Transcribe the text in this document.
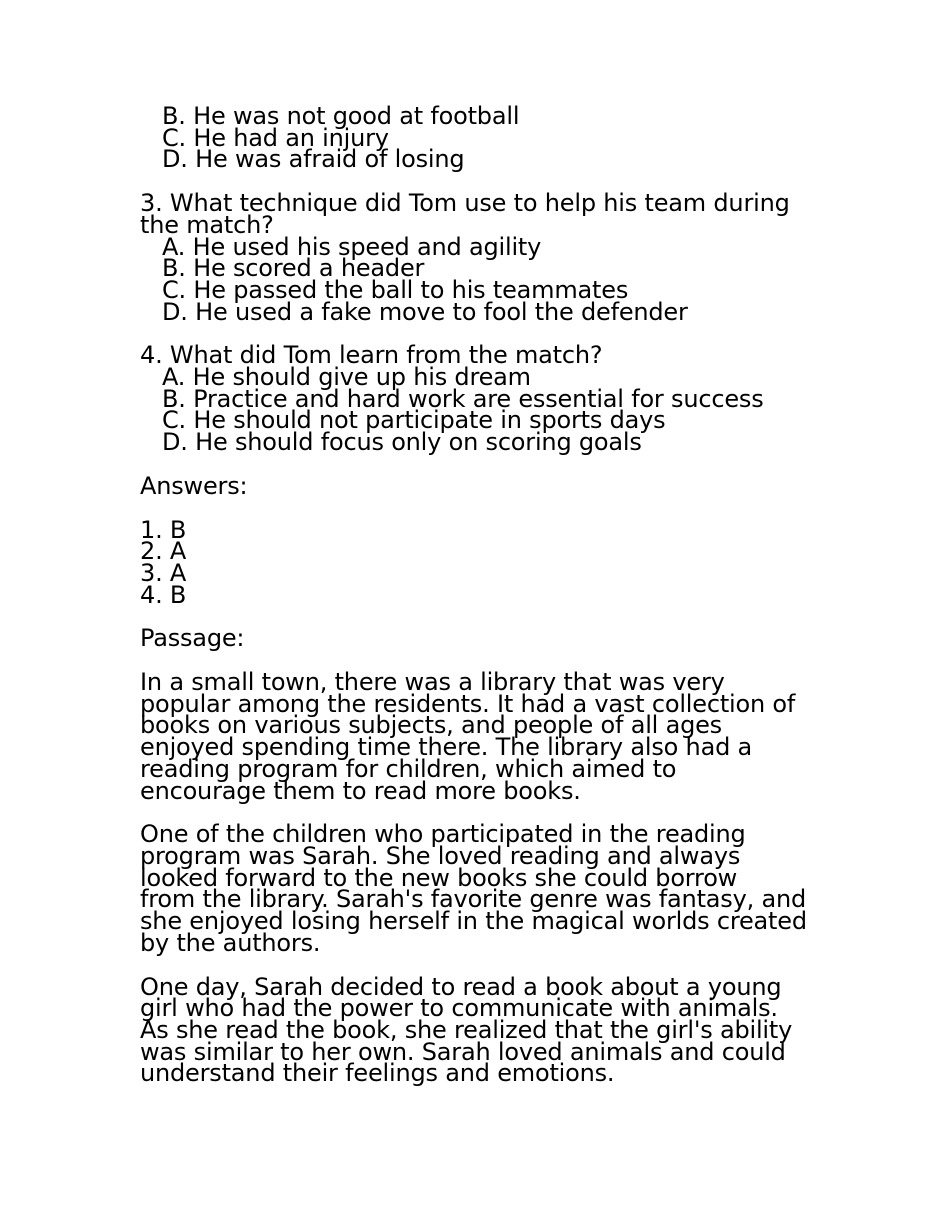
B. He was not good at football
C. He had an injury
D. He was afraid of losing
3. What technique did Tom use to help his team during
the match?
A. He used his speed and agility
B. He scored a header
C. He passed the ball to his teammates
D. He used a fake move to fool the defender
4. What did Tom learn from the match?
A. He should give up his dream
B. Practice and hard work are essential for success
C. He should not participate in sports days
D. He should focus only on scoring goals
Answers:
1. B
2. A
3. A
4. B
Passage:
In a small town, there was a library that was very
popular among the residents. It had a vast collection of
books on various subjects, and people of all ages
enjoyed spending time there. The library also had a
reading program for children, which aimed to
encourage them to read more books.
One of the children who participated in the reading
program was Sarah. She loved reading and always
looked forward to the new books she could borrow
from the library. Sarah's favorite genre was fantasy, and
she enjoyed losing herself in the magical worlds created
by the authors.
One day, Sarah decided to read a book about a young
girl who had the power to communicate with animals.
As she read the book, she realized that the girl's ability
was similar to her own. Sarah loved animals and could
understand their feelings and emotions.
